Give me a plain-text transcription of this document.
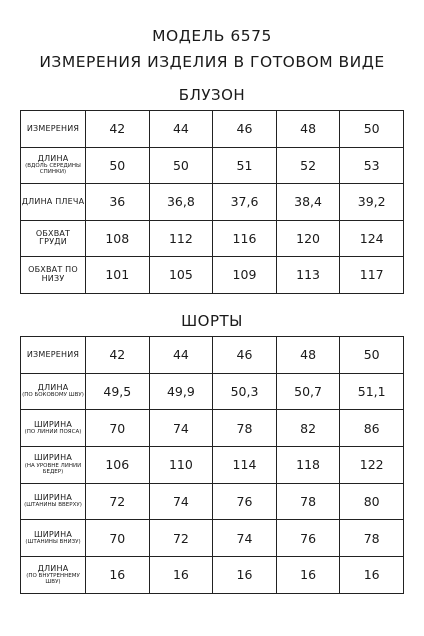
МОДЕЛЬ 6575
ИЗМЕРЕНИЯ ИЗДЕЛИЯ В ГОТОВОМ ВИДЕ
БЛУЗОН
ИЗМЕРЕНИЯ	42	44	46	48	50

ДЛИНА
(ВДОЛЬ СЕРЕДИНЫ СПИНКИ)	50	50	51	52	53

ДЛИНА ПЛЕЧА	36	36,8	37,6	38,4	39,2

ОБХВАТ ГРУДИ	108	112	116	120	124

ОБХВАТ ПО НИЗУ	101	105	109	113	117
ШОРТЫ
ИЗМЕРЕНИЯ	42	44	46	48	50

ДЛИНА
(ПО БОКОВОМУ ШВУ)	49,5	49,9	50,3	50,7	51,1

ШИРИНА
(ПО ЛИНИИ ПОЯСА)	70	74	78	82	86

ШИРИНА
(НА УРОВНЕ ЛИНИИ БЕДЕР)	106	110	114	118	122

ШИРИНА
(ШТАНИНЫ ВВЕРХУ)	72	74	76	78	80

ШИРИНА
(ШТАНИНЫ ВНИЗУ)	70	72	74	76	78

ДЛИНА
(ПО ВНУТРЕННЕМУ ШВУ)	16	16	16	16	16
